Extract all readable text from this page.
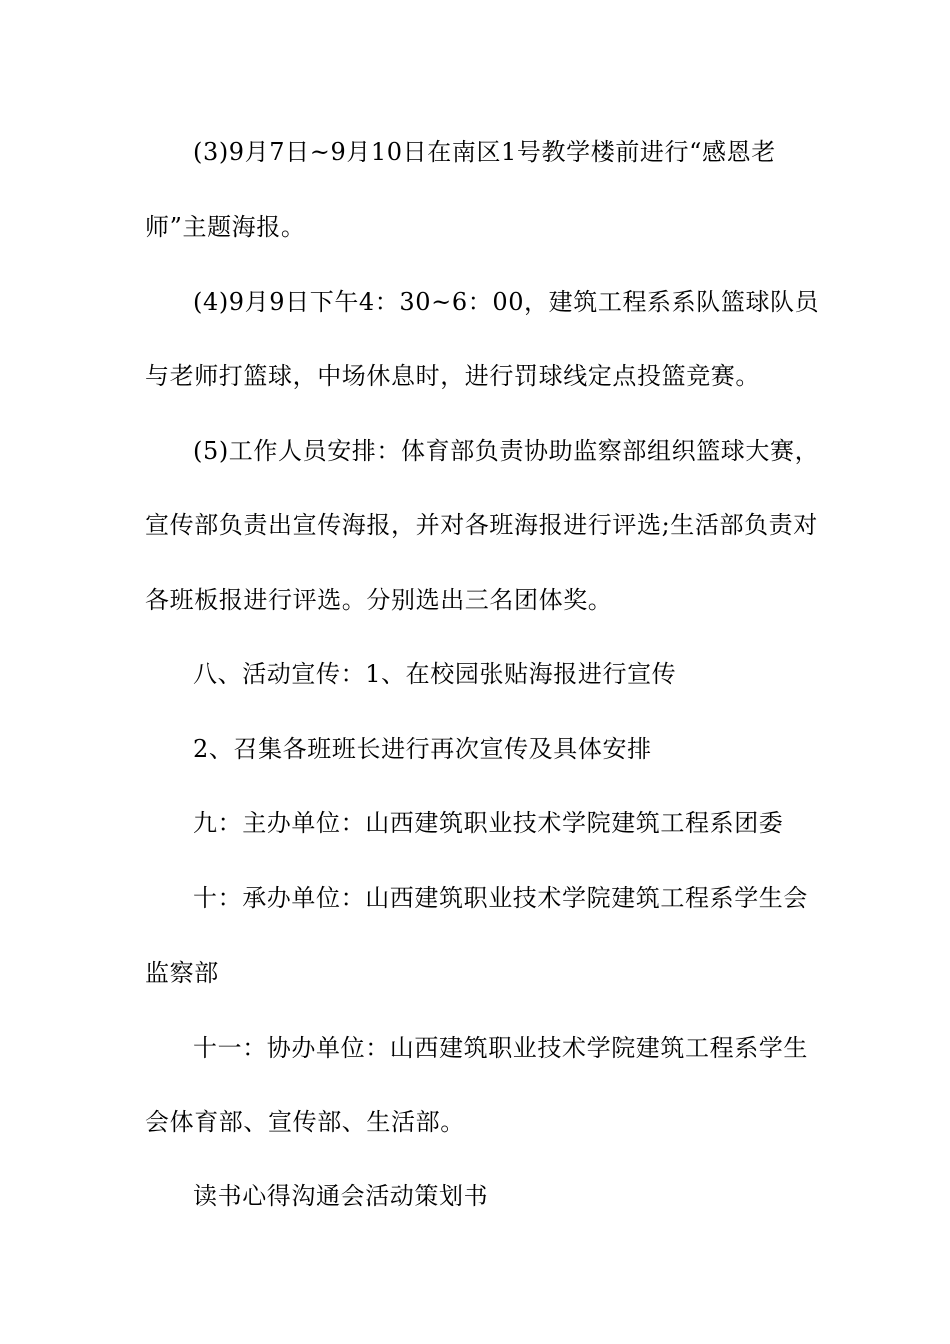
(3)9月7日~9月10日在南区1号教学楼前进行“感恩老
师”主题海报。
(4)9月9日下午4：30~6：00，建筑工程系系队篮球队员
与老师打篮球，中场休息时，进行罚球线定点投篮竞赛。
(5)工作人员安排：体育部负责协助监察部组织篮球大赛，
宣传部负责出宣传海报，并对各班海报进行评选;生活部负责对
各班板报进行评选。分别选出三名团体奖。
八、活动宣传：1、在校园张贴海报进行宣传
2、召集各班班长进行再次宣传及具体安排
九：主办单位：山西建筑职业技术学院建筑工程系团委
十：承办单位：山西建筑职业技术学院建筑工程系学生会
监察部
十一：协办单位：山西建筑职业技术学院建筑工程系学生
会体育部、宣传部、生活部。
读书心得沟通会活动策划书
